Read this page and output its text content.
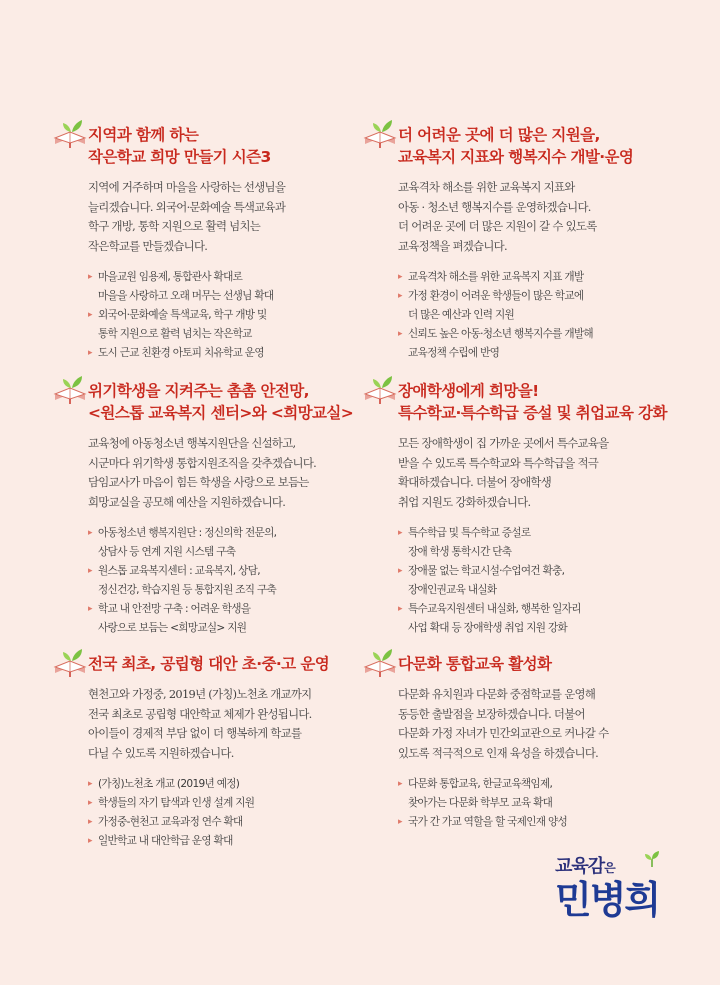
지역과 함께 하는
작은학교 희망 만들기 시즌3

지역에 거주하며 마을을 사랑하는 선생님을
늘리겠습니다. 외국어·문화예술 특색교육과
학구 개방, 통학 지원으로 활력 넘치는
작은학교를 만들겠습니다.

▸ 마을교원 임용제, 통합관사 확대로
마을을 사랑하고 오래 머무는 선생님 확대
▸ 외국어·문화예술 특색교육, 학구 개방 및
통학 지원으로 활력 넘치는 작은학교
▸ 도시 근교 친환경 아토피 치유학교 운영
더 어려운 곳에 더 많은 지원을,
교육복지 지표와 행복지수 개발·운영

교육격차 해소를 위한 교육복지 지표와
아동 · 청소년 행복지수를 운영하겠습니다.
더 어려운 곳에 더 많은 지원이 갈 수 있도록
교육정책을 펴겠습니다.

▸ 교육격차 해소를 위한 교육복지 지표 개발
▸ 가정 환경이 어려운 학생들이 많은 학교에
더 많은 예산과 인력 지원
▸ 신뢰도 높은 아동·청소년 행복지수를 개발해
교육정책 수립에 반영
위기학생을 지켜주는 촘촘 안전망,
<원스톱 교육복지 센터>와 <희망교실>

교육청에 아동청소년 행복지원단을 신설하고,
시군마다 위기학생 통합지원조직을 갖추겠습니다.
담임교사가 마음이 힘든 학생을 사랑으로 보듬는
희망교실을 공모해 예산을 지원하겠습니다.

▸ 아동청소년 행복지원단 : 정신의학 전문의,
상담사 등 연계 지원 시스템 구축
▸ 원스톱 교육복지센터 : 교육복지, 상담,
정신건강, 학습지원 등 통합지원 조직 구축
▸ 학교 내 안전망 구축 : 어려운 학생을
사랑으로 보듬는 <희망교실> 지원
장애학생에게 희망을!
특수학교·특수학급 증설 및 취업교육 강화

모든 장애학생이 집 가까운 곳에서 특수교육을
받을 수 있도록 특수학교와 특수학급을 적극
확대하겠습니다. 더불어 장애학생
취업 지원도 강화하겠습니다.

▸ 특수학급 및 특수학교 증설로
장애 학생 통학시간 단축
▸ 장애물 없는 학교시설·수업여건 확충,
장애인권교육 내실화
▸ 특수교육지원센터 내실화, 행복한 일자리
사업 확대 등 장애학생 취업 지원 강화
전국 최초, 공립형 대안 초·중·고 운영

현천고와 가정중, 2019년 (가칭)노천초 개교까지
전국 최초로 공립형 대안학교 체제가 완성됩니다.
아이들이 경제적 부담 없이 더 행복하게 학교를
다닐 수 있도록 지원하겠습니다.

▸ (가칭)노천초 개교 (2019년 예정)
▸ 학생들의 자기 탐색과 인생 설계 지원
▸ 가정중-현천고 교육과정 연수 확대
▸ 일반학교 내 대안학급 운영 확대
다문화 통합교육 활성화

다문화 유치원과 다문화 중점학교를 운영해
동등한 출발점을 보장하겠습니다. 더불어
다문화 가정 자녀가 민간외교관으로 커나갈 수
있도록 적극적으로 인재 육성을 하겠습니다.

▸ 다문화 통합교육, 한글교육책임제,
찾아가는 다문화 학부모 교육 확대
▸ 국가 간 가교 역할을 할 국제인재 양성
교육감은
민병희
